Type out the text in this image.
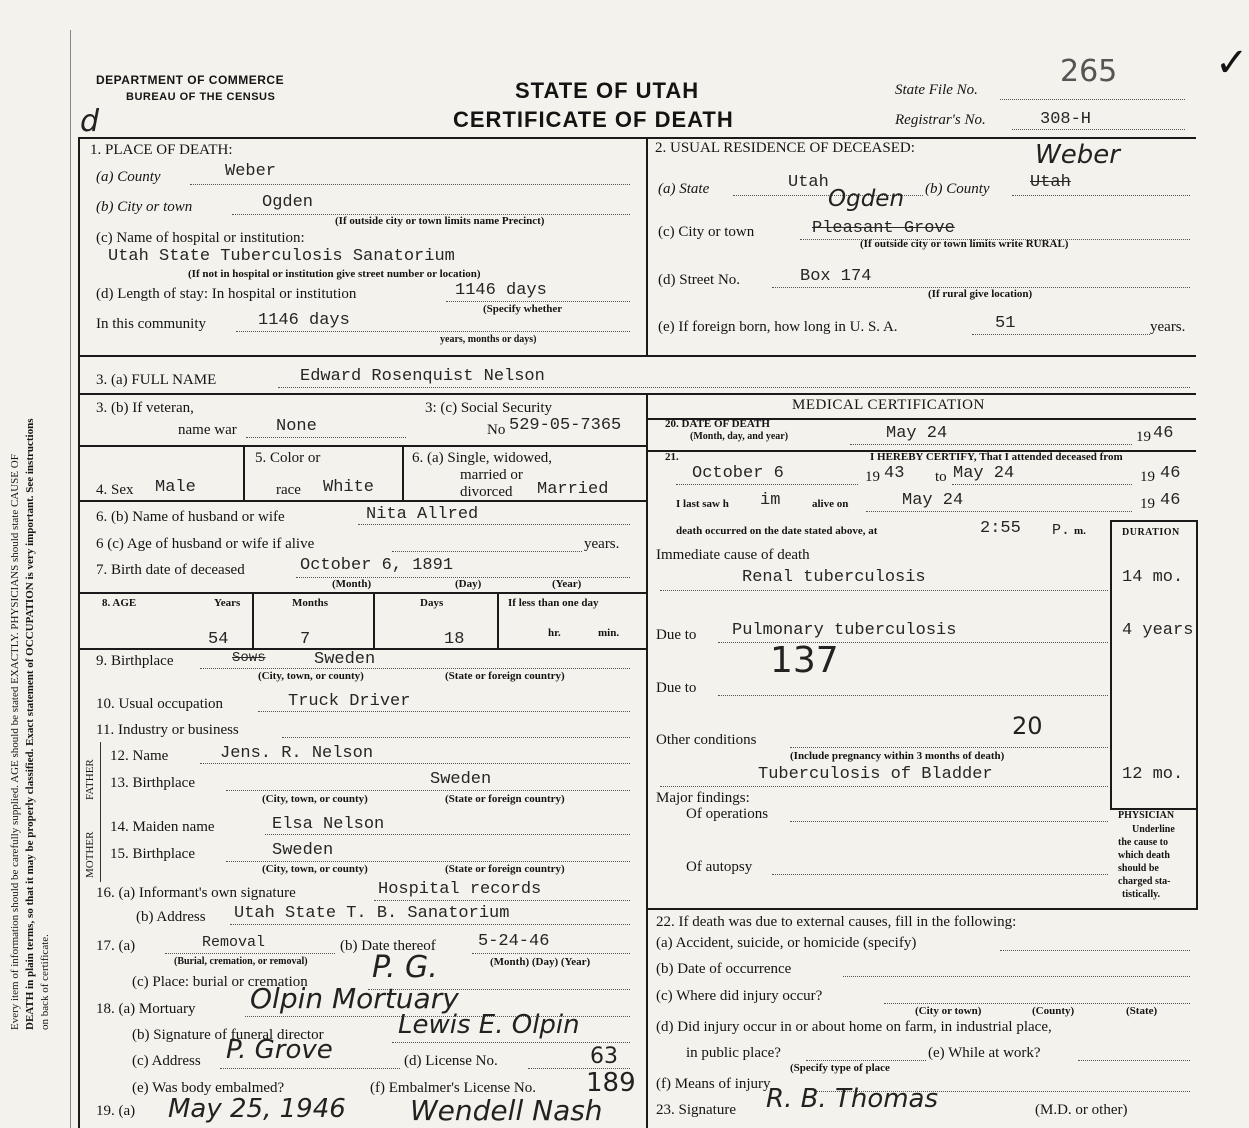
DEPARTMENT OF COMMERCE
BUREAU OF THE CENSUS	STATE OF UTAH
CERTIFICATE OF DEATH
State File No.
265
Registrar's No.	308-H
d
✓
Every item of information should be carefully supplied. AGE should be stated EXACTLY. PHYSICIANS should state CAUSE OF DEATH in plain terms, so that it may be properly classified. Exact statement of OCCUPATION is very important. See instructions on back of certificate.
1. PLACE OF DEATH:
(a) County	Weber
(b) City or town	Ogden
(If outside city or town limits name Precinct)
(c) Name of hospital or institution:
Utah State Tuberculosis Sanatorium
(If not in hospital or institution give street number or location)
(d) Length of stay: In hospital or institution	1146 days
(Specify whether
In this community	1146 days
years, months or days)
2. USUAL RESIDENCE OF DECEASED:
(a) State	Utah	(b) County Utah
Weber
(c) City or town	Pleasant Grove
Ogden
(If outside city or town limits write RURAL)
(d) Street No.	Box 174
(If rural give location)
(e) If foreign born, how long in U. S. A.	51	years.
3. (a) FULL NAME	Edward Rosenquist Nelson
3. (b) If veteran,
name war None
3: (c) Social Security
No 529-05-7365
4. Sex Male
5. Color or
race White
6. (a) Single, widowed,
married or
divorced Married
6. (b) Name of husband or wife	Nita Allred
6 (c) Age of husband or wife if alive	years.
7. Birth date of deceased	October 6, 1891
(Month)	(Day)	(Year)
8. AGE	Years	Months	Days	If less than one day
hr.	min.
54	7	18
9. Birthplace	Sows	Sweden
(City, town, or county)	(State or foreign country)
10. Usual occupation	Truck Driver
11. Industry or business
FATHER
MOTHER
12. Name	Jens. R. Nelson
13. Birthplace	Sweden
(City, town, or county)	(State or foreign country)
14. Maiden name	Elsa Nelson
15. Birthplace	Sweden
(City, town, or county)	(State or foreign country)
16. (a) Informant's own signature	Hospital records
(b) Address Utah State T. B. Sanatorium
17. (a)	Removal
(Burial, cremation, or removal)
(b) Date thereof 5-24-46
(Month) (Day) (Year)
(c) Place: burial or cremation P. G.
18. (a) Mortuary Olpin Mortuary
(b) Signature of funeral director	Lewis E. Olpin
(c) Address P. Grove	(d) License No.	63
(e) Was body embalmed?	(f) Embalmer's License No. 189
19. (a) May 25, 1946 Wendell Nash
MEDICAL CERTIFICATION
20. DATE OF DEATH
(Month, day, and year)	May 24	19 46
21.	I HEREBY CERTIFY, That I attended deceased from
October 6	19 43 to May 24	19 46
I last saw h im	alive on	May 24	19 46
death occurred on the date stated above, at	2:55 P. m.	DURATION
Immediate cause of death
Renal tuberculosis	14 mo.
Due to Pulmonary tuberculosis	4 years
137
Due to
Other conditions	20
(Include pregnancy within 3 months of death)
Tuberculosis of Bladder	12 mo.
Major findings:
Of operations
Of autopsy
PHYSICIAN
Underline
the cause to
which death
should be
charged sta-
tistically.
22. If death was due to external causes, fill in the following:
(a) Accident, suicide, or homicide (specify)
(b) Date of occurrence
(c) Where did injury occur?
(City or town)	(County)	(State)
(d) Did injury occur in or about home on farm, in industrial place,
in public place?
(Specify type of place
(e) While at work?
(f) Means of injury
23. Signature R. B. Thomas	(M.D. or other)
